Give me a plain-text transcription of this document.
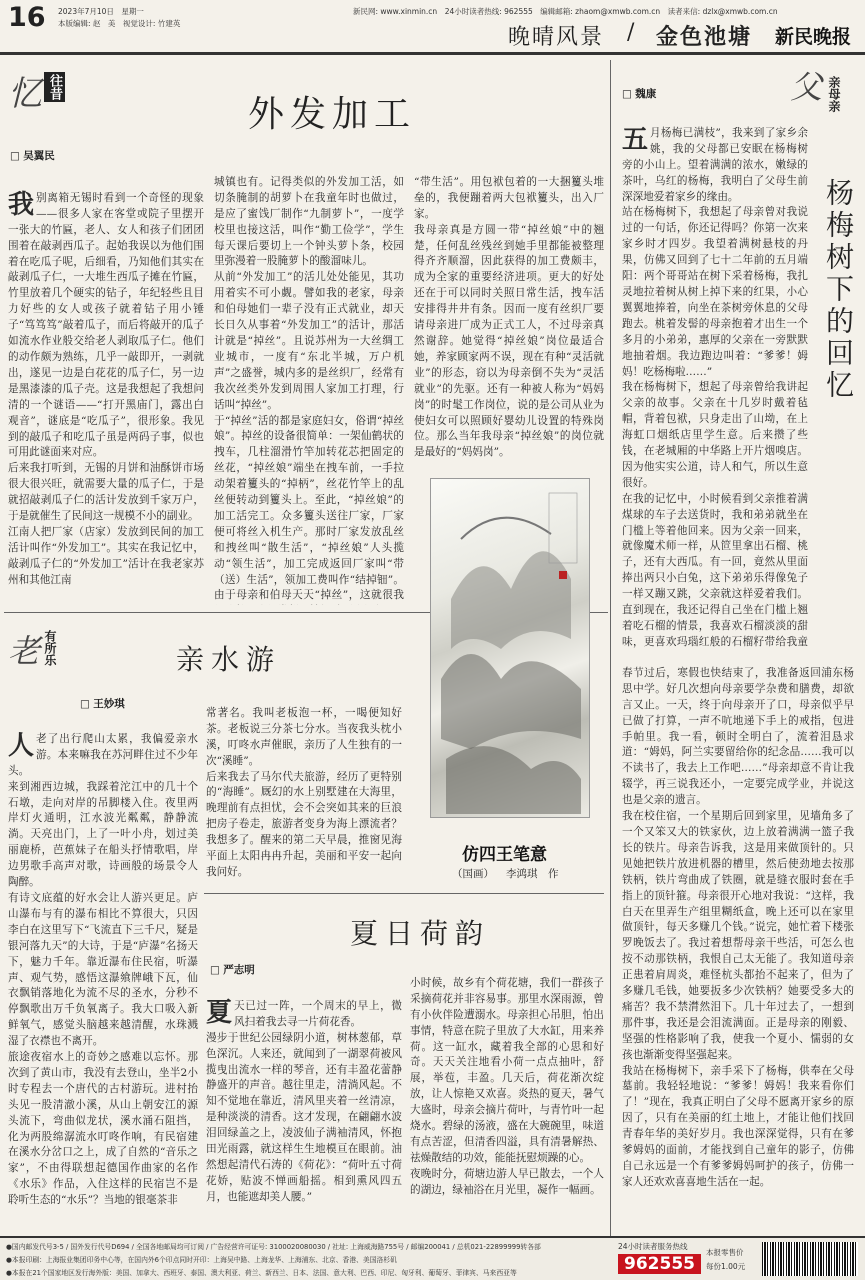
16 2023年7月10日　星期一
本版编辑: 赵　美　视觉设计: 竹建英
新民网: www.xinmin.cn　24小时读者热线: 962555　编辑邮箱: zhaom@xmwb.com.cn　读者来信: dzlx@xmwb.com.cn
晚晴风景 / 金色池塘 新民晚报
忆 往昔
外发加工
□ 吴翼民

我别离箱无锡时看到一个奇怪的现象——很多人家在客堂或院子里摆开一张大的竹匾，老人、女人和孩子们团团围着在敲剥西瓜子。起始我误以为他们围着在吃瓜子呢，后细看，乃知他们其实在敲剥瓜子仁，一大堆生西瓜子摊在竹匾，竹里放着几个硬实的钻子，年纪轻些且目力好些的女人或孩子就着钻子用小锤子“笃笃笃”敲着瓜子，而后将敲开的瓜子如流水作业般交给老人剥取瓜子仁。他们的动作颇为熟练，几乎一敲即开，一剥就出，遂见一边是白花花的瓜子仁，另一边是黑漆漆的瓜子壳。这是我想起了我想问清的一个谜语——“打开黑庙门，露出白观音”，谜底是“吃瓜子”，很形象。我见到的敲瓜子和吃瓜子虽是两码子事，似也可用此谜面来对应。
后来我打听到，无锡的月饼和油酥饼市场很大很兴旺，就需要大量的瓜子仁，于是就招敲剥瓜子仁的活计发放到千家万户，于是就催生了民间这一规模不小的副业。
江南人把厂家（店家）发放到民间的加工活计叫作“外发加工”。其实在我记忆中，敲剥瓜子仁的“外发加工”活计在我老家苏州和其他江南

城镇也有。记得类似的外发加工活，如切条腌制的胡萝卜在我童年时也做过，是应了蜜饯厂制作“九制萝卜”，一度学校里也接这活，叫作“勤工俭学”，学生每天课后要切上一个钟头萝卜条，校园里弥漫着一股腌萝卜的酸溜味儿。
从前“外发加工”的活儿处处能见，其功用着实不可小觑。譬如我的老家，母亲和伯母她们一辈子没有正式就业，却天长日久从事着“外发加工”的活计，那活计就是“掉丝”。且说苏州为一大丝绸工业城市，一度有“东北半城，万户机声”之盛誉，城内多的是丝织厂，经常有我次丝类外发到周围人家加工打理，行话叫“掉丝”。
于“掉丝”活的都是家庭妇女，俗谓“掉丝娘”。掉丝的设备很简单：一架仙鹤状的拽车，几柱溜滑竹竿加转花芯把固定的丝花，“掉丝娘”端坐在拽车前，一手拉动架着籰头的“掉柄”，丝花竹竿上的乱丝便转动到籰头上。至此，“掉丝娘”的加工活完工。众多籰头送往厂家，厂家便可将丝入机生产。那时厂家发放乱丝和拽丝叫“散生活”，“掉丝娘”人头揽动“领生活”，加工完成返回厂家叫“带（送）生活”，领加工费叫作“结掉钿”。由于母亲和伯母天天“掉丝”，这就很我

“带生活”。用包袱包着的一大捆籰头堆垒的，我便蹦着两大包袱籰头，出入厂家。
我母亲真是方圆一带“掉丝娘”中的翘楚，任何乱丝残丝到她手里都能被整理得齐齐顺溜，因此获得的加工费颇丰，成为全家的重要经济进项。更大的好处还在于可以同时关照日常生活，拽车活安排得井井有条。因而一度有丝织厂要请母亲进厂成为正式工人，不过母亲真然谢辞。她觉得“掉丝娘”岗位最适合她，养家顾家两不误，现在有种“灵活就业”的形态，窃以为母亲倒不失为“灵活就业”的先驱。还有一种被人称为“妈妈岗”的时髦工作岗位，说的是公司从业为使妇女可以照顾好婴幼儿设置的特殊岗位。那么当年我母亲“掉丝娘”的岗位就是最好的“妈妈岗”。

仿四王笔意
（国画） 李鸿琪　作
老 有所乐	亲水游
□ 王妙琪

人老了出行爬山太累，我偏爱亲水游。本来嘛我在苏河畔住过不少年头。
来到湘西边城，我踩着沱江中的几十个石墩，走向对岸的吊脚楼入住。夜里两岸灯火通明，江水波光粼粼，静静流淌。天亮出门，上了一叶小舟，划过美丽鹿桥，芭蕉妹子在船头抒情歌唱，岸边男歌手高声对歌，诗画般的场景令人陶醉。
有诗文底蕴的好水会让人游兴更足。庐山瀑布与有的瀑布相比不算很大，只因李白在这里写下“飞流直下三千尺，疑是银河落九天”的大诗，于是“庐瀑”名扬天下，魅力千年。靠近瀑布住民宿，听瀑声、观气势，感悟这瀑飨牌峨下瓦，仙衣飘销落地化为流不尽的圣水，分秒不停飘歌出万千负氧离子。我大口吸入新鲜氧气，感觉头脑越来越清醒，水珠溅湿了衣襟也不离开。
旅途夜宿水上的奇妙之感难以忘怀。那次到了黄山市，我没有去登山，坐半2小时专程去一个唐代的古村游玩。进村抬头见一股清澈小溪，从山上朝安江的源头流下，弯曲似龙状，溪水涌石阻挡，化为两股绵潺流水叮咚作响，有民宿建在溪水分岔口之上，成了自然的“音乐之家”，不由得联想起德国作曲家的名作《水乐》作品，入住这样的民宿岂不是聆听生态的“水乐”？当地的银毫茶非

常著名。我叫老板泡一杯，一喝便知好茶。老板说三分茶七分水。当夜我头枕小溪，叮咚水声催眠，亲历了人生独有的一次“溪睡”。
后来我去了马尔代夫旅游，经历了更特别的“海睡”。厩幻的水上别墅建在大海里，晚理前有点担忧，会不会突如其来的巨浪把房子卷走，旅游者变身为海上漂流者？我想多了。醒来的第二天早晨，推窗见海平面上太阳冉冉升起，美丽和平安一起向我问好。

夏日荷韵
□ 严志明

夏天已过一阵，一个周末的早上，微风扫着我去寻一片荷花香。
漫步于世纪公园绿阴小道，树林葱郁，草色深沉。人来还，就闻到了一湖翠荷被风揽曳出流水一样的琴音，还有丰盈花蕾静静盛开的声音。越往里走，清淌风起。不知不觉地在靠近，清风里夹着一丝清凉，是种淡淡的清香。这才发现，在翩翩水波泪回绿盖之上，凌波仙子满袖清风，怀抱田光雨露，就这样生生地模亘在眼前。油然想起清代石涛的《荷花》：“荷叶五寸荷花娇，贴波不惮画船摇。相到熏风四五月，也能遮却美人腰。”

小时候，故乡有个荷花塘，我们一群孩子采摘荷花并非容易事。那里水深雨源，曾有小伙伴险遭溺水。母亲担心吊胆，怕出事情，特意在院子里放了大水缸，用来养荷。这一缸水，藏着我全部的心思和好奇。天天关注地看小荷一点点抽叶，舒展，举苞，丰盈。几天后，荷花渐次绽放，让人惊艳又欢喜。炎热的夏天，暑气大盛时，母亲会摘片荷叶，与青竹叶一起烧水。碧绿的汤液，盛在大碗碗里，味道有点苦涩，但清香四溢，具有清暑解热、祛燥散结的功效，能能抚慰烦躁的心。
夜晚时分，荷塘边游人早已散去，一个人的湖边，绿袖浴在月光里，凝作一幅画。

□ 魏康	父 亲母亲
杨梅树下的回忆

五月杨梅已满枝”，我来到了家乡余姚，我的父母都已安眠在杨梅树旁的小山上。望着满满的浓水，嫩绿的茶叶，乌红的杨梅，我明白了父母生前深深地爱着家乡的缘由。
站在杨梅树下，我想起了母亲曾对我说过的一句话，你还记得吗？你第一次来家乡时才四岁。我望着满树悬枝的丹果，仿佛又回到了七十二年前的五月端阳：两个哥哥站在树下采着杨梅，我扎灵地拉着树从树上掉下来的红果，小心翼翼地捧着，向坐在茶树旁休息的父母跑去。桃着发髻的母亲抱着才出生一个多月的小弟弟，惠厚的父亲在一旁默默地抽着烟。我边跑边叫着：“爹爹！姆妈！吃杨梅啦……”
我在杨梅树下，想起了母亲曾给我讲起父亲的故事。父亲在十几岁时戴着毡帽，背着包袱，只身走出了山坳，在上海虹口烟纸店里学生意。后来攒了些钱，在老城厢的中华路上开片烟嗅店。因为他实实公道，诗人和气，所以生意很好。
在我的记忆中，小时候看到父亲推着满煤球的车子去送货时，我和弟弟就坐在门槛上等着他回来。因为父亲一回来，就像魔术师一样，从笸里拿出石榴、桃子，还有大西瓜。有一回，竟然从里面捧出两只小白兔，这下弟弟乐得像兔子一样又蹦又跳，父亲就这样爱着我们。直到现在，我还记得自己坐在门槛上翘着吃石榴的情景，我喜欢石榴淡淡的甜味，更喜欢玛瑙红般的石榴籽带给我童

春节过后，寒假也快结束了，我准备返回浦东杨思中学。好几次想向母亲要学杂费和膳费，却欲言又止。一天，终于向母亲开了口，母亲似乎早已做了打算，一声不吭地递下手上的戒指，包进手帕里。我一看，顿时全明白了，流着泪恳求道：“姆妈，阿兰实要留给你的纪念品……我可以不读书了，我去上工作吧……”母亲却意不肯让我辍学，再三说我还小，一定要完成学业，并说这也是父亲的遗言。
我在校住宿，一个星期后回到家里，见墙角多了一个又笨又大的铁家伙，边上放着满满一篮子我长的铁片。母亲告诉我，这是用来做顶针的。只见她把铁片放进机器的槽里，然后使劲地去按那铁柄，铁片弯曲成了铁圈，就是缝衣服时套在手指上的顶针箍。母亲很开心地对我说：“这样，我白天在里弄生产组里糊纸盒，晚上还可以在家里做顶针，每天多赚几个钱。”说完，她忙着下楼张罗晚饭去了。我过着想帮母亲干些活，可怎么也按不动那铁柄，我恨自己太无能了。我知道母亲正患着肩周炎，难怪杭头都抬不起来了，但为了多赚几毛钱，她要扳多少次铁柄？她要受多大的痛苦？我不禁潸然泪下。几十年过去了，一想到那件事，我还是会泪流满面。正是母亲的刚毅、坚强的性格影响了我，使我一个夏小、懦弱的女孩也渐渐变得坚强起来。
我站在杨梅树下，亲手采下了杨梅，供奉在父母墓前。我轻轻地说：“爹爹！姆妈！我来看你们了！”现在，我真正明白了父母不愿离开家乡的原因了，只有在美丽的红土地上，才能让他们找回青春年华的美好岁月。我也深深觉得，只有在爹爹姆妈的面前，才能找到自己童年的影子，仿佛自己永远是一个有爹爹姆妈呵护的孩子，仿佛一家人还欢欢喜喜地生活在一起。

●国内邮发代号3-5 / 国外发行代号D694 / 全国各地邮局均可订阅 / 广告经营许可证号: 3100020080030 / 社址: 上海威海路755号 / 邮编200041 / 总机021-22899999转各部
●本报印刷：上海报业集团印务中心等，在国内外6个印点同时开印：上海吴中路、上海龙华、上海浦东、北京、香港、美国洛杉矶
●本报在21个国家地区发行海外版：美国、加拿大、西班牙、泰国、澳大利亚、荷兰、新西兰、日本、法国、意大利、巴西、印尼、匈牙利、葡萄牙、菲律宾、马来西亚等
24小时读者服务热线
962555
本报零售价
每份1.00元
